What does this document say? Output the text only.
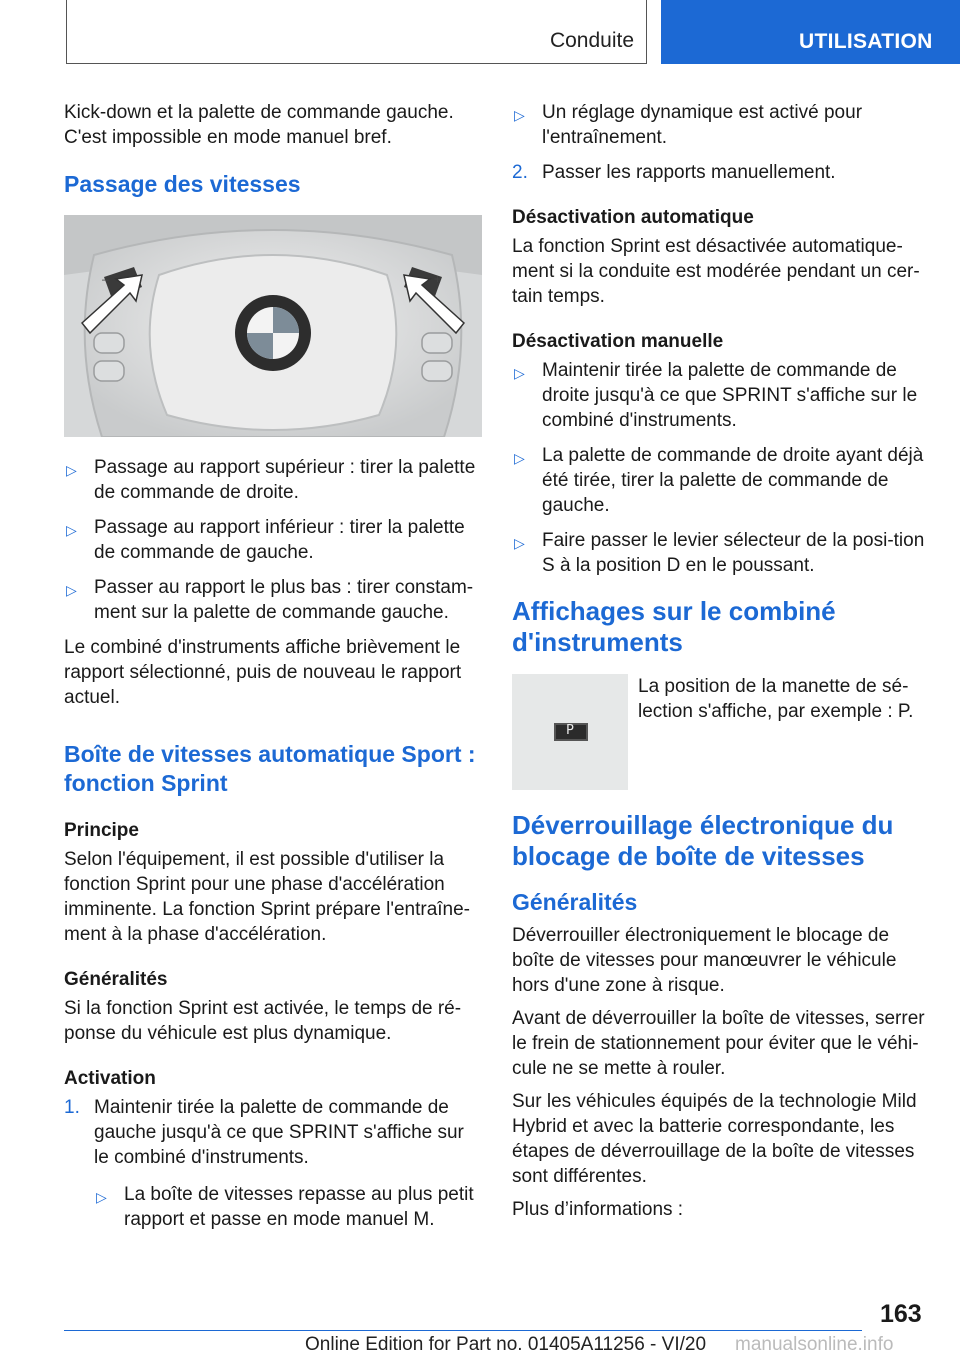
Conduite	UTILISATION

Kick-down et la palette de commande gauche. C'est impossible en mode manuel bref.

Passage des vitesses
–	+
▷ Passage au rapport supérieur : tirer la palette de commande de droite.
▷ Passage au rapport inférieur : tirer la palette de commande de gauche.
▷ Passer au rapport le plus bas : tirer constam-ment sur la palette de commande gauche.

Le combiné d'instruments affiche brièvement le rapport sélectionné, puis de nouveau le rapport actuel.

Boîte de vitesses automatique Sport : fonction Sprint
Principe

Selon l'équipement, il est possible d'utiliser la fonction Sprint pour une phase d'accélération imminente. La fonction Sprint prépare l'entraîne-ment à la phase d'accélération.

Généralités

Si la fonction Sprint est activée, le temps de ré-ponse du véhicule est plus dynamique.

Activation
1. Maintenir tirée la palette de commande de gauche jusqu'à ce que SPRINT s'affiche sur le combiné d'instruments.
▷ La boîte de vitesses repasse au plus petit rapport et passe en mode manuel M.
▷ Un réglage dynamique est activé pour l'entraînement.
2. Passer les rapports manuellement.
Désactivation automatique

La fonction Sprint est désactivée automatique-ment si la conduite est modérée pendant un cer-tain temps.

Désactivation manuelle
▷ Maintenir tirée la palette de commande de droite jusqu'à ce que SPRINT s'affiche sur le combiné d'instruments.
▷ La palette de commande de droite ayant déjà été tirée, tirer la palette de commande de gauche.
▷ Faire passer le levier sélecteur de la posi-tion S à la position D en le poussant.
Affichages sur le combiné d'instruments
P
La position de la manette de sé-lection s'affiche, par exemple : P.
Déverrouillage électronique du blocage de boîte de vitesses
Généralités

Déverrouiller électroniquement le blocage de boîte de vitesses pour manœuvrer le véhicule hors d'une zone à risque.

Avant de déverrouiller la boîte de vitesses, serrer le frein de stationnement pour éviter que le véhi-cule ne se mette à rouler.

Sur les véhicules équipés de la technologie Mild Hybrid et avec la batterie correspondante, les étapes de déverrouillage de la boîte de vitesses sont différentes.

Plus d’informations :

163
Online Edition for Part no. 01405A11256 - VI/20 manualsonline.info
